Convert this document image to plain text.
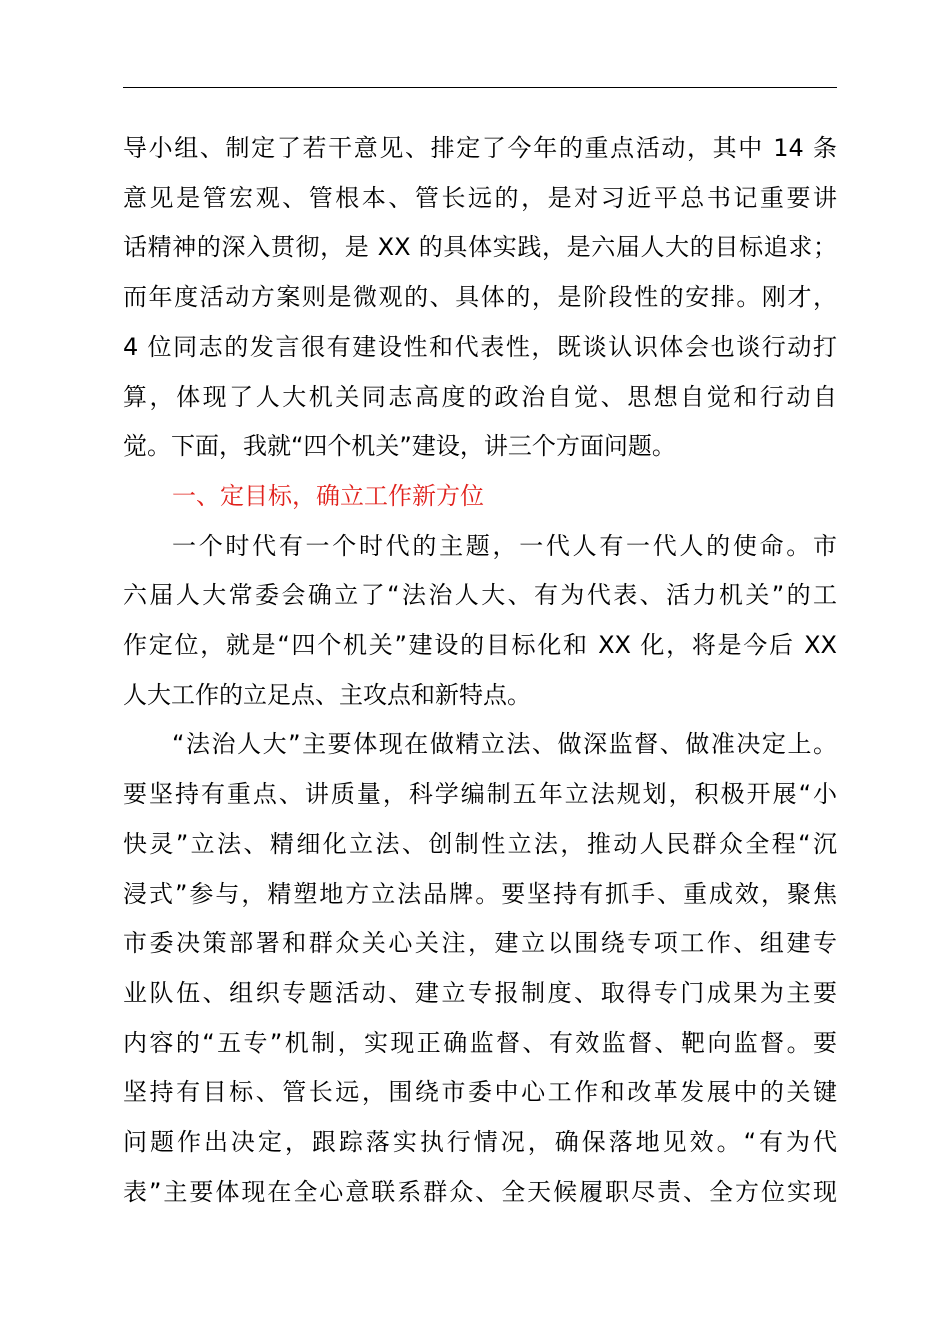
导小组、制定了若干意见、排定了今年的重点活动，其中 14 条
意见是管宏观、管根本、管长远的，是对习近平总书记重要讲
话精神的深入贯彻，是 XX 的具体实践，是六届人大的目标追求；
而年度活动方案则是微观的、具体的，是阶段性的安排。刚才，
4 位同志的发言很有建设性和代表性，既谈认识体会也谈行动打
算，体现了人大机关同志高度的政治自觉、思想自觉和行动自
觉。下面，我就“四个机关”建设，讲三个方面问题。
一、定目标，确立工作新方位
一个时代有一个时代的主题，一代人有一代人的使命。市
六届人大常委会确立了“法治人大、有为代表、活力机关”的工
作定位，就是“四个机关”建设的目标化和 XX 化，将是今后 XX
人大工作的立足点、主攻点和新特点。
“法治人大”主要体现在做精立法、做深监督、做准决定上。
要坚持有重点、讲质量，科学编制五年立法规划，积极开展“小
快灵”立法、精细化立法、创制性立法，推动人民群众全程“沉
浸式”参与，精塑地方立法品牌。要坚持有抓手、重成效，聚焦
市委决策部署和群众关心关注，建立以围绕专项工作、组建专
业队伍、组织专题活动、建立专报制度、取得专门成果为主要
内容的“五专”机制，实现正确监督、有效监督、靶向监督。要
坚持有目标、管长远，围绕市委中心工作和改革发展中的关键
问题作出决定，跟踪落实执行情况，确保落地见效。“有为代
表”主要体现在全心意联系群众、全天候履职尽责、全方位实现
